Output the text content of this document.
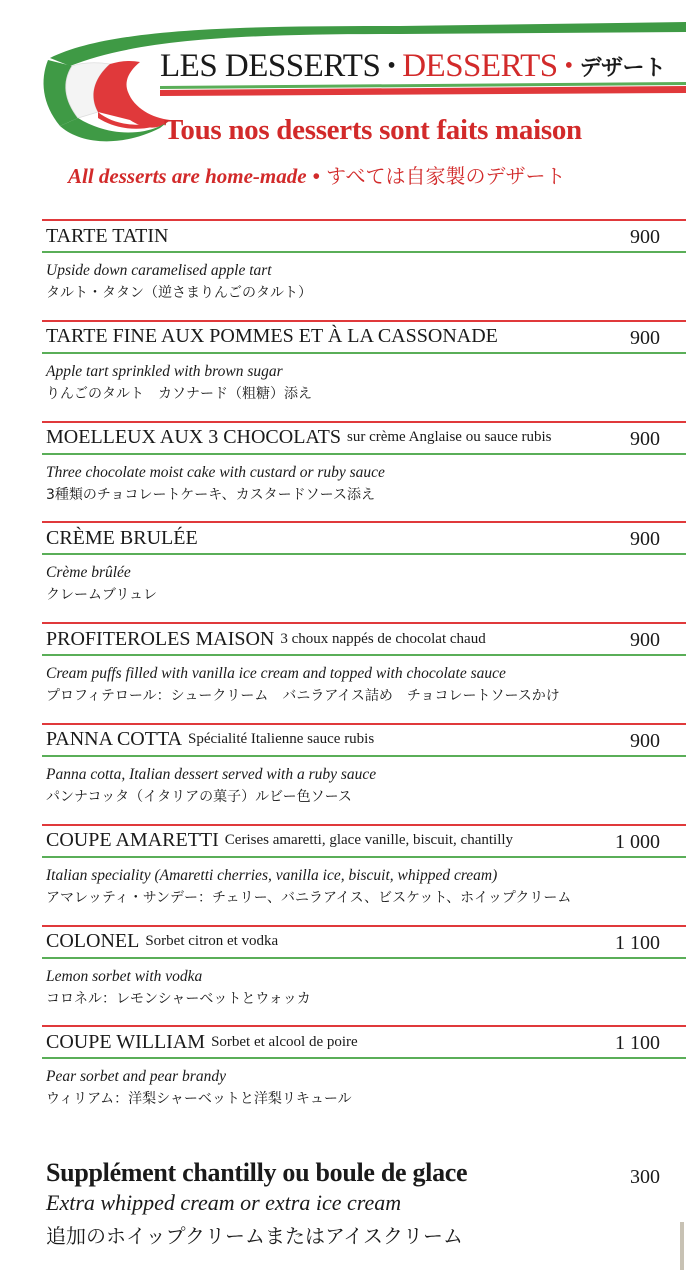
LES DESSERTS • DESSERTS • デザート
Tous nos desserts sont faits maison
All desserts are home-made • すべては自家製のデザート
TARTE TATIN	900
Upside down caramelised apple tart
タルト・タタン（逆さまりんごのタルト）
TARTE FINE AUX POMMES ET À LA CASSONADE	900
Apple tart sprinkled with brown sugar
りんごのタルト　カソナード（粗糖）添え
MOELLEUX AUX 3 CHOCOLATS sur crème Anglaise ou sauce rubis	900
Three chocolate moist cake with custard or ruby sauce
3種類のチョコレートケーキ、カスタードソース添え
CRÈME BRULÉE	900
Crème brûlée
クレームブリュレ
PROFITEROLES MAISON 3 choux nappés de chocolat chaud	900
Cream puffs filled with vanilla ice cream and topped with chocolate sauce
プロフィテロール：シュークリーム　バニラアイス詰め　チョコレートソースかけ
PANNA COTTA Spécialité Italienne sauce rubis	900
Panna cotta, Italian dessert served with a ruby sauce
パンナコッタ（イタリアの菓子）ルビー色ソース
COUPE AMARETTI Cerises amaretti, glace vanille, biscuit, chantilly	1 000
Italian speciality (Amaretti cherries, vanilla ice, biscuit, whipped cream)
アマレッティ・サンデー：チェリー、バニラアイス、ビスケット、ホイップクリーム
COLONEL Sorbet citron et vodka	1 100
Lemon sorbet with vodka
コロネル：レモンシャーベットとウォッカ
COUPE WILLIAM Sorbet et alcool de poire	1 100
Pear sorbet and pear brandy
ウィリアム：洋梨シャーベットと洋梨リキュール
Supplément chantilly ou boule de glace	300
Extra whipped cream or extra ice cream
追加のホイップクリームまたはアイスクリーム
